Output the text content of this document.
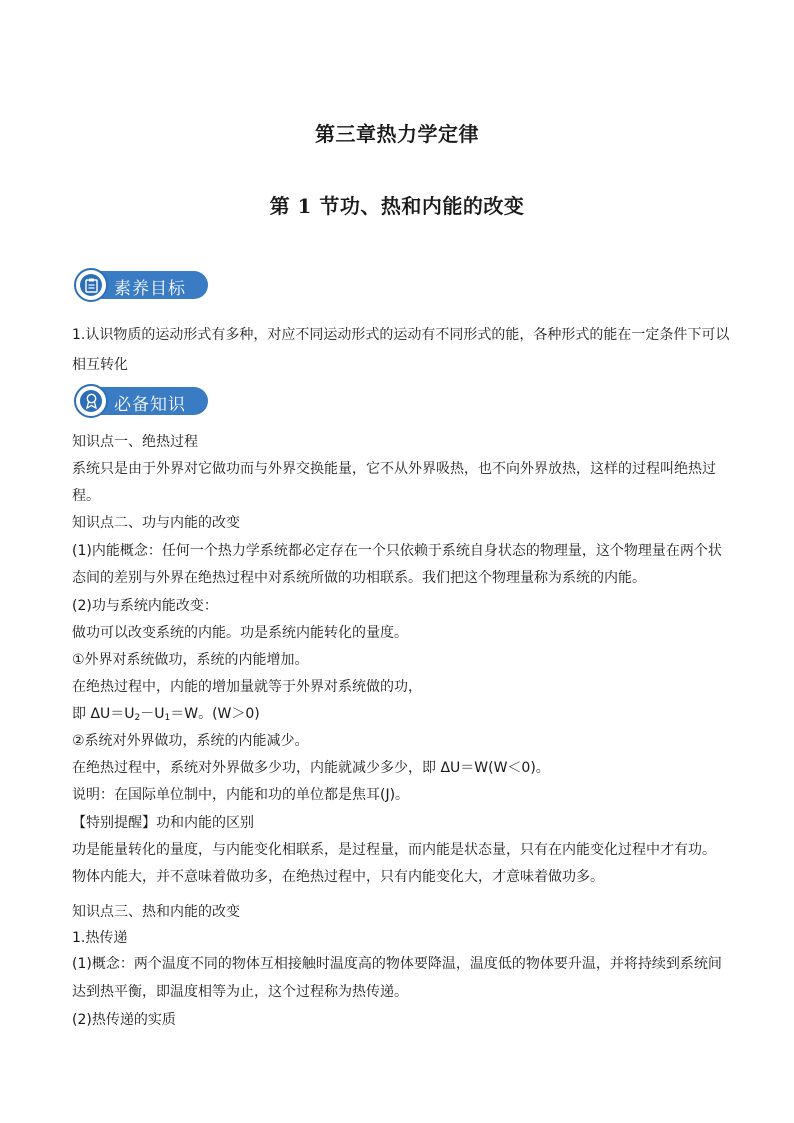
第三章热力学定律
第 1 节功、热和内能的改变
素养目标
必备知识
1.认识物质的运动形式有多种，对应不同运动形式的运动有不同形式的能，各种形式的能在一定条件下可以
相互转化
知识点一、绝热过程
系统只是由于外界对它做功而与外界交换能量，它不从外界吸热，也不向外界放热，这样的过程叫绝热过
程。
知识点二、功与内能的改变
(1)内能概念：任何一个热力学系统都必定存在一个只依赖于系统自身状态的物理量，这个物理量在两个状
态间的差别与外界在绝热过程中对系统所做的功相联系。我们把这个物理量称为系统的内能。
(2)功与系统内能改变：
做功可以改变系统的内能。功是系统内能转化的量度。
①外界对系统做功，系统的内能增加。
在绝热过程中，内能的增加量就等于外界对系统做的功，
即 $\Delta U=U_2-U_1=W$。(W＞0)
②系统对外界做功，系统的内能减少。
在绝热过程中，系统对外界做多少功，内能就减少多少，即 ΔU＝W(W＜0)。
说明：在国际单位制中，内能和功的单位都是焦耳(J)。
【特别提醒】功和内能的区别
功是能量转化的量度，与内能变化相联系，是过程量，而内能是状态量，只有在内能变化过程中才有功。
物体内能大，并不意味着做功多，在绝热过程中，只有内能变化大，才意味着做功多。
知识点三、热和内能的改变
1.热传递
(1)概念：两个温度不同的物体互相接触时温度高的物体要降温，温度低的物体要升温，并将持续到系统间
达到热平衡，即温度相等为止，这个过程称为热传递。
(2)热传递的实质
